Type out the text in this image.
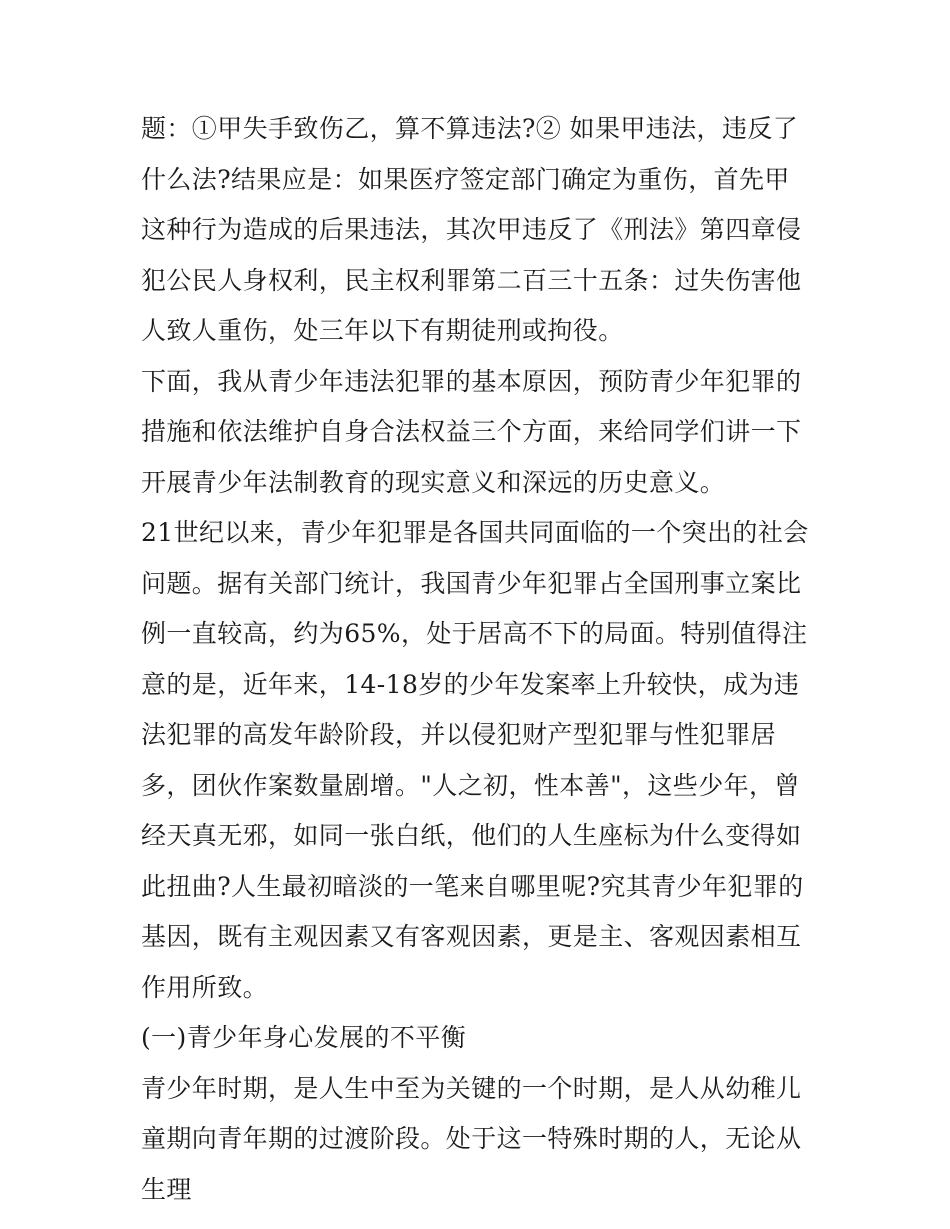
题：①甲失手致伤乙，算不算违法?② 如果甲违法，违反了什么法?结果应是：如果医疗签定部门确定为重伤，首先甲这种行为造成的后果违法，其次甲违反了《刑法》第四章侵犯公民人身权利，民主权利罪第二百三十五条：过失伤害他人致人重伤，处三年以下有期徒刑或拘役。

下面，我从青少年违法犯罪的基本原因，预防青少年犯罪的措施和依法维护自身合法权益三个方面，来给同学们讲一下开展青少年法制教育的现实意义和深远的历史意义。

21世纪以来，青少年犯罪是各国共同面临的一个突出的社会问题。据有关部门统计，我国青少年犯罪占全国刑事立案比例一直较高，约为65%，处于居高不下的局面。特别值得注意的是，近年来，14-18岁的少年发案率上升较快，成为违法犯罪的高发年龄阶段，并以侵犯财产型犯罪与性犯罪居多，团伙作案数量剧增。"人之初，性本善"，这些少年，曾经天真无邪，如同一张白纸，他们的人生座标为什么变得如此扭曲?人生最初暗淡的一笔来自哪里呢?究其青少年犯罪的基因，既有主观因素又有客观因素，更是主、客观因素相互作用所致。

(一)青少年身心发展的不平衡

青少年时期，是人生中至为关键的一个时期，是人从幼稚儿童期向青年期的过渡阶段。处于这一特殊时期的人，无论从生理
